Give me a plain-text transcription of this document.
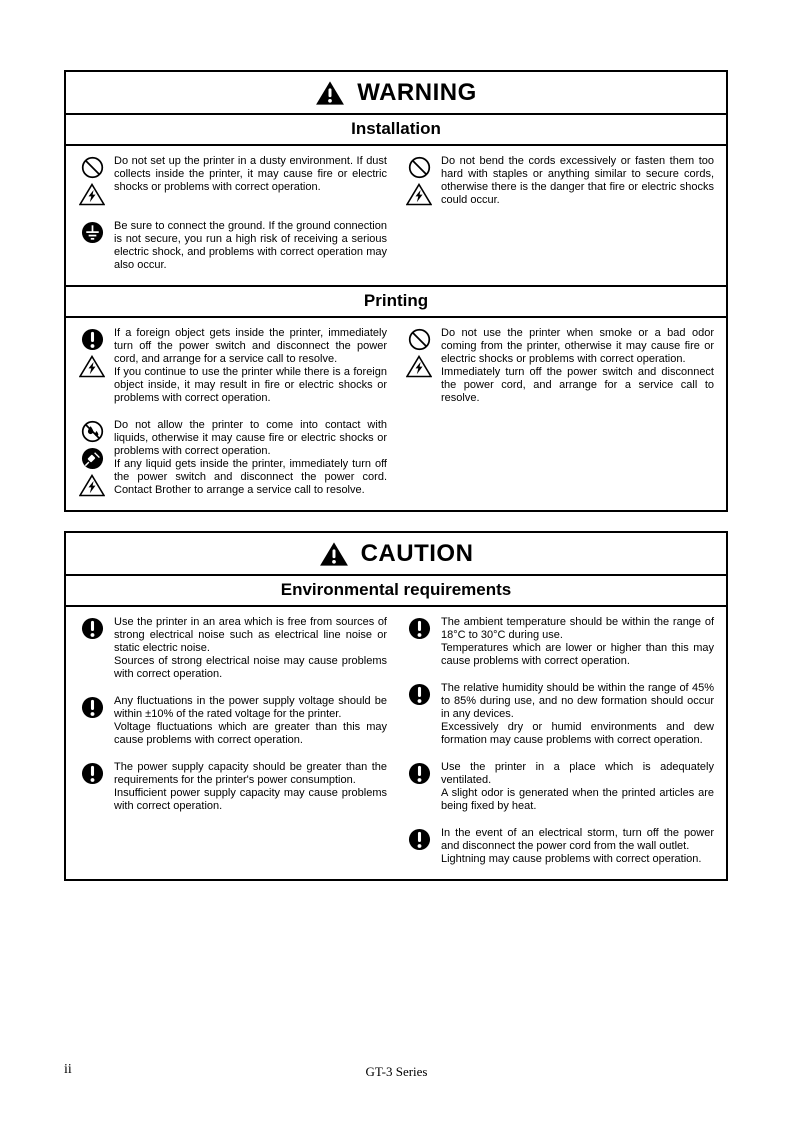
WARNING
Installation

Do not set up the printer in a dusty environment. If dust collects inside the printer, it may cause fire or electric shocks or problems with correct operation.

Be sure to connect the ground. If the ground connection is not secure, you run a high risk of receiving a serious electric shock, and problems with correct operation may also occur.

Do not bend the cords excessively or fasten them too hard with staples or anything similar to secure cords, otherwise there is the danger that fire or electric shocks could occur.

Printing

If a foreign object gets inside the printer, immediately turn off the power switch and disconnect the power cord, and arrange for a service call to resolve.

If you continue to use the printer while there is a foreign object inside, it may result in fire or electric shocks or problems with correct operation.

Do not allow the printer to come into contact with liquids, otherwise it may cause fire or electric shocks or problems with correct operation.

If any liquid gets inside the printer, immediately turn off the power switch and disconnect the power cord. Contact Brother to arrange a service call to resolve.

Do not use the printer when smoke or a bad odor coming from the printer, otherwise it may cause fire or electric shocks or problems with correct operation.

Immediately turn off the power switch and disconnect the power cord, and arrange for a service call to resolve.

CAUTION
Environmental requirements

Use the printer in an area which is free from sources of strong electrical noise such as electrical line noise or static electric noise.

Sources of strong electrical noise may cause problems with correct operation.

Any fluctuations in the power supply voltage should be within ±10% of the rated voltage for the printer.

Voltage fluctuations which are greater than this may cause problems with correct operation.

The power supply capacity should be greater than the requirements for the printer's power consumption.

Insufficient power supply capacity may cause problems with correct operation.

The ambient temperature should be within the range of 18°C to 30°C during use.

Temperatures which are lower or higher than this may cause problems with correct operation.

The relative humidity should be within the range of 45% to 85% during use, and no dew formation should occur in any devices.

Excessively dry or humid environments and dew formation may cause problems with correct operation.

Use the printer in a place which is adequately ventilated.

A slight odor is generated when the printed articles are being fixed by heat.

In the event of an electrical storm, turn off the power and disconnect the power cord from the wall outlet.

Lightning may cause problems with correct operation.

ii	GT-3 Series
